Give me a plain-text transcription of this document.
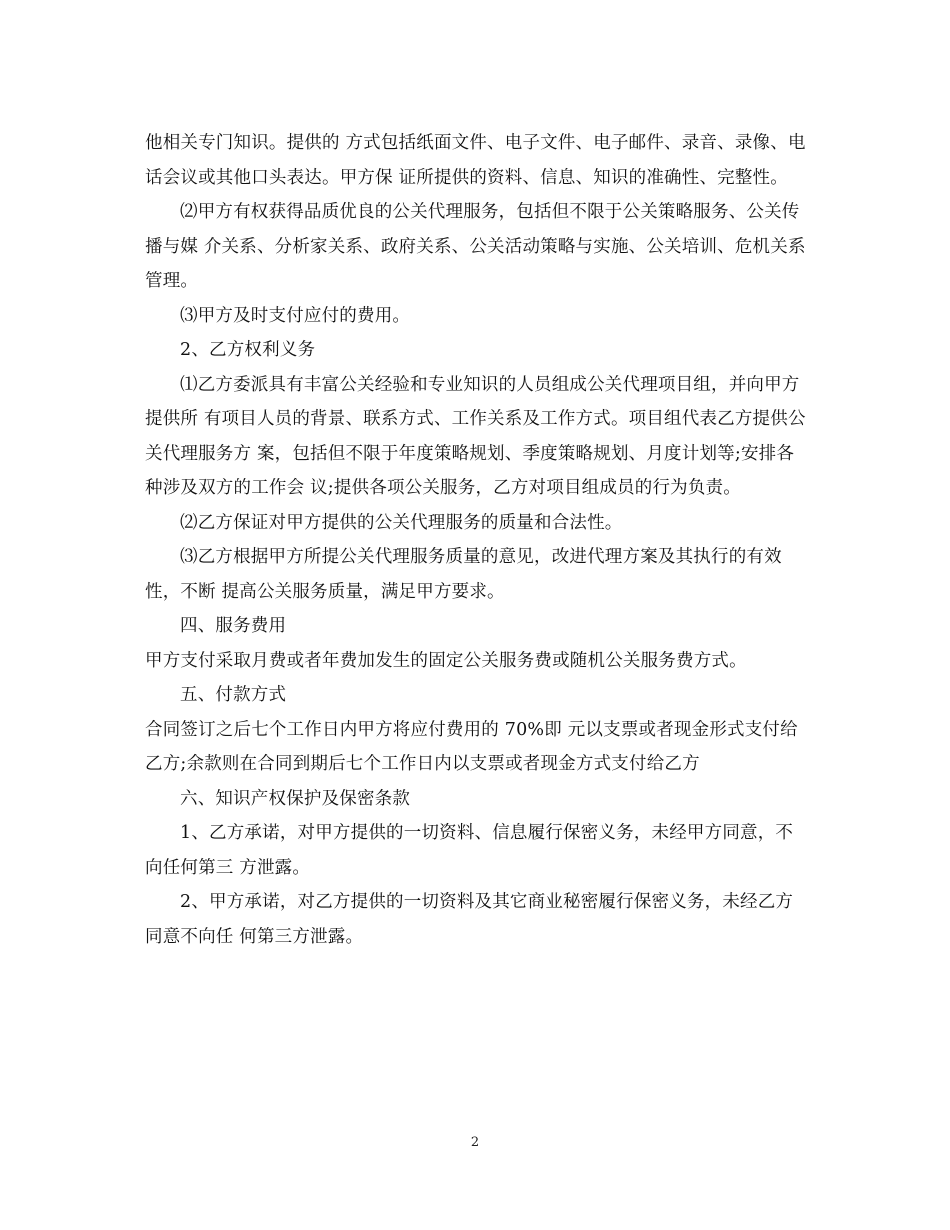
他相关专门知识。提供的 方式包括纸面文件、电子文件、电子邮件、录音、录像、电话会议或其他口头表达。甲方保 证所提供的资料、信息、知识的准确性、完整性。

⑵甲方有权获得品质优良的公关代理服务，包括但不限于公关策略服务、公关传播与媒 介关系、分析家关系、政府关系、公关活动策略与实施、公关培训、危机关系管理。

⑶甲方及时支付应付的费用。

2、乙方权利义务

⑴乙方委派具有丰富公关经验和专业知识的人员组成公关代理项目组，并向甲方提供所 有项目人员的背景、联系方式、工作关系及工作方式。项目组代表乙方提供公关代理服务方 案，包括但不限于年度策略规划、季度策略规划、月度计划等;安排各种涉及双方的工作会 议;提供各项公关服务，乙方对项目组成员的行为负责。

⑵乙方保证对甲方提供的公关代理服务的质量和合法性。

⑶乙方根据甲方所提公关代理服务质量的意见，改进代理方案及其执行的有效性，不断 提高公关服务质量，满足甲方要求。

四、服务费用

甲方支付采取月费或者年费加发生的固定公关服务费或随机公关服务费方式。

五、付款方式

合同签订之后七个工作日内甲方将应付费用的 70%即 元以支票或者现金形式支付给 乙方;余款则在合同到期后七个工作日内以支票或者现金方式支付给乙方

六、知识产权保护及保密条款

1、乙方承诺，对甲方提供的一切资料、信息履行保密义务，未经甲方同意，不向任何第三 方泄露。

2、甲方承诺，对乙方提供的一切资料及其它商业秘密履行保密义务，未经乙方同意不向任 何第三方泄露。

2
